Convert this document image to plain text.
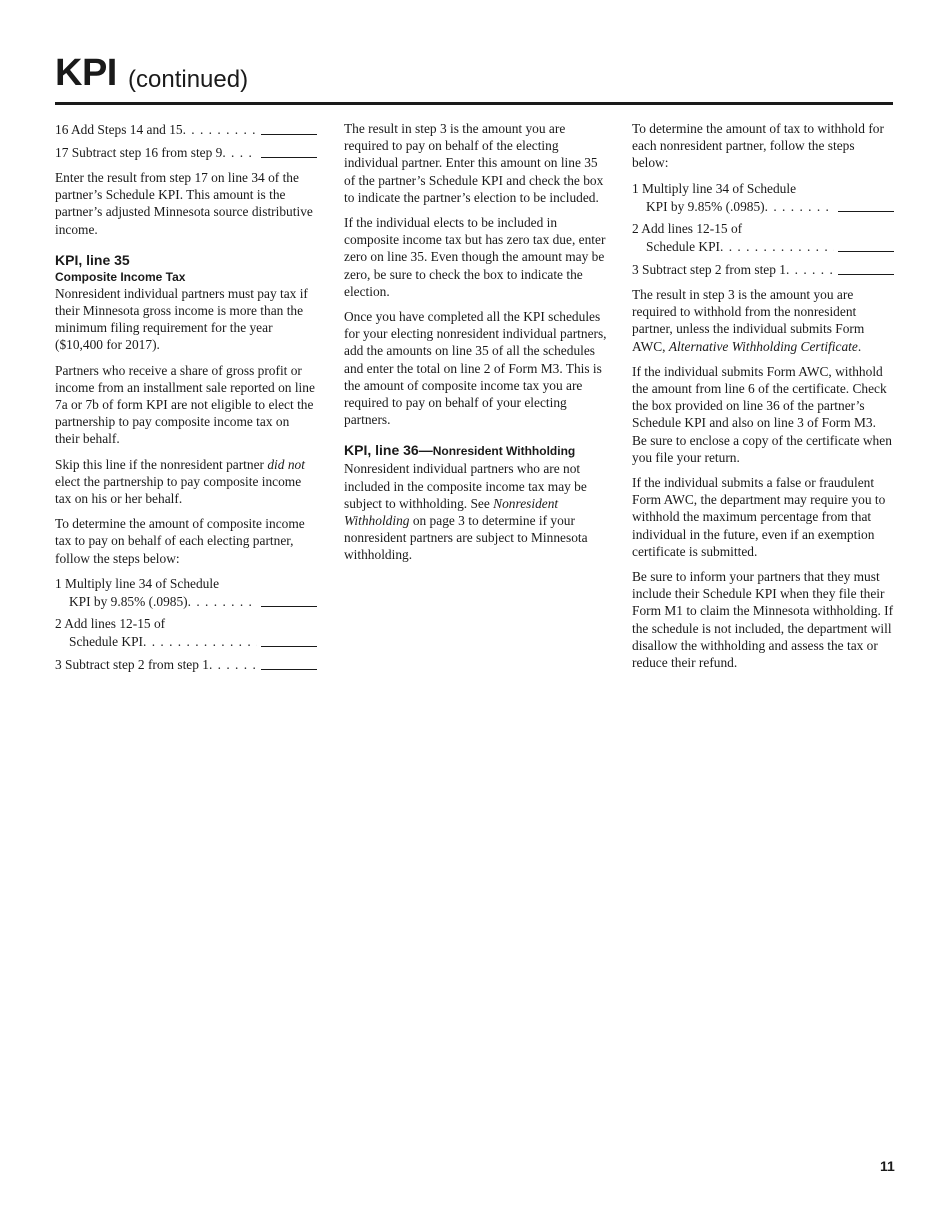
KPI (continued)
16 Add Steps 14 and 15
. . .
17 Subtract step 16 from step 9
. . .

Enter the result from step 17 on line 34 of the partner’s Schedule KPI. This amount is the partner’s adjusted Minnesota source distributive income.

KPI, line 35
Composite Income Tax

Nonresident individual partners must pay tax if their Minnesota gross income is more than the minimum filing requirement for the year ($10,400 for 2017).

Partners who receive a share of gross profit or income from an installment sale reported on line 7a or 7b of form KPI are not eligible to elect the partnership to pay composite income tax on their behalf.

Skip this line if the nonresident partner did not elect the partnership to pay composite income tax on his or her behalf.

To determine the amount of composite income tax to pay on behalf of each electing partner, follow the steps below:

1 Multiply line 34 of Schedule
KPI by 9.85% (.0985)
. . .
2 Add lines 12-15 of
Schedule KPI
. . .
3 Subtract step 2 from step 1
. . .

The result in step 3 is the amount you are required to pay on behalf of the electing individual partner. Enter this amount on line 35 of the partner’s Schedule KPI and check the box to indicate the partner’s election to be included.

If the individual elects to be included in composite income tax but has zero tax due, enter zero on line 35. Even though the amount may be zero, be sure to check the box to indicate the election.

Once you have completed all the KPI schedules for your electing nonresident individual partners, add the amounts on line 35 of all the schedules and enter the total on line 2 of Form M3. This is the amount of composite income tax you are required to pay on behalf of your electing partners.

KPI, line 36—Nonresident Withholding

Nonresident individual partners who are not included in the composite income tax may be subject to withholding. See Nonresident Withholding on page 3 to determine if your nonresident partners are subject to Minnesota withholding.

To determine the amount of tax to withhold for each nonresident partner, follow the steps below:

1 Multiply line 34 of Schedule
KPI by 9.85% (.0985)
. . .
2 Add lines 12-15 of
Schedule KPI
. . .
3 Subtract step 2 from step 1
. . .

The result in step 3 is the amount you are required to withhold from the nonresident partner, unless the individual submits Form AWC, Alternative Withholding Certificate.

If the individual submits Form AWC, withhold the amount from line 6 of the certificate. Check the box provided on line 36 of the partner’s Schedule KPI and also on line 3 of Form M3. Be sure to enclose a copy of the certificate when you file your return.

If the individual submits a false or fraudulent Form AWC, the department may require you to withhold the maximum percentage from that individual in the future, even if an exemption certificate is submitted.

Be sure to inform your partners that they must include their Schedule KPI when they file their Form M1 to claim the Minnesota withholding. If the schedule is not included, the department will disallow the withholding and assess the tax or reduce their refund.

11
